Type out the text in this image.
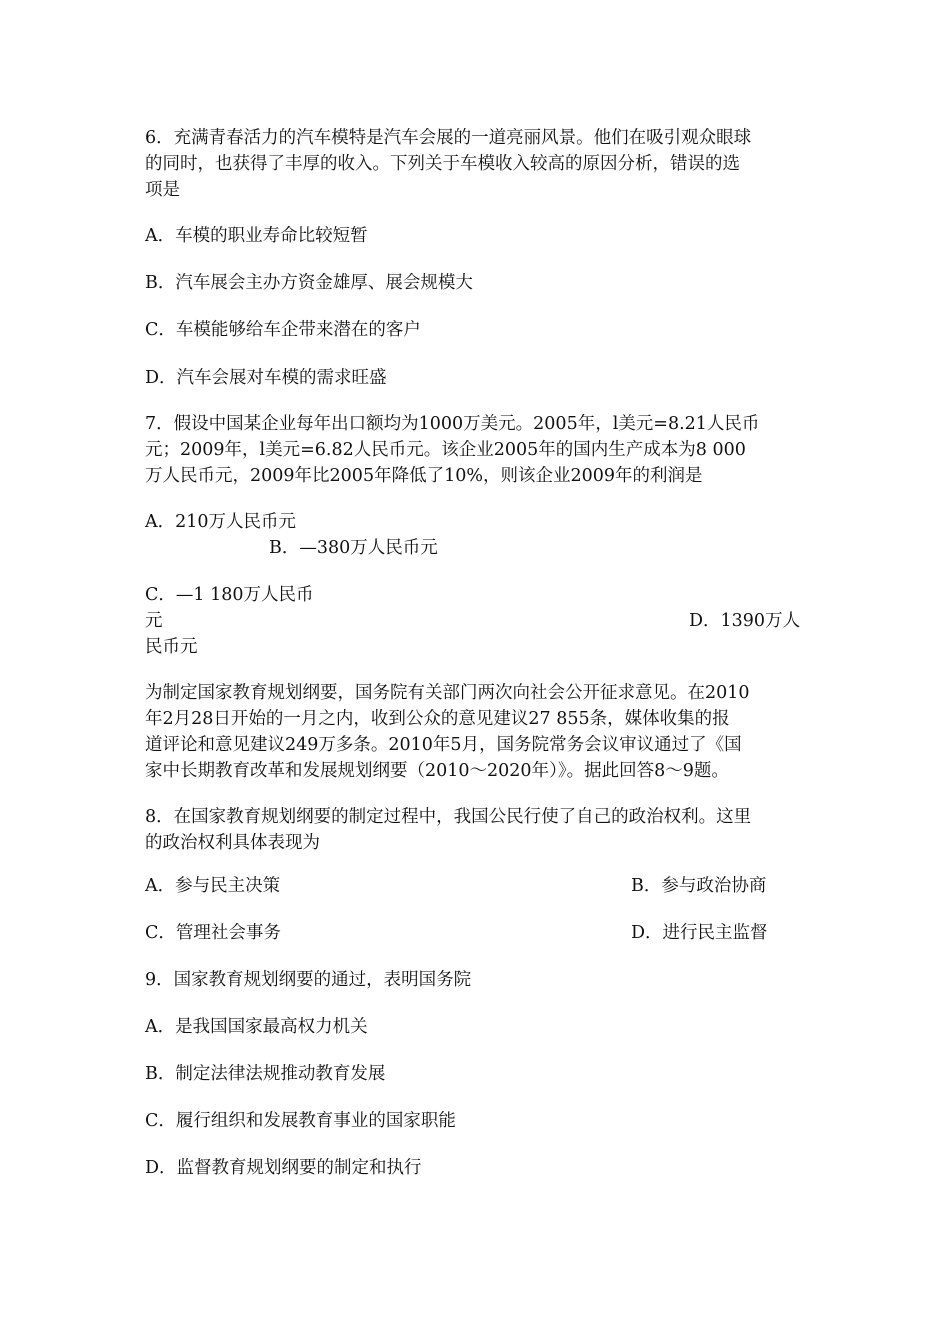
6．充满青春活力的汽车模特是汽车会展的一道亮丽风景。他们在吸引观众眼球
的同时，也获得了丰厚的收入。下列关于车模收入较高的原因分析，错误的选
项是
A．车模的职业寿命比较短暂
B．汽车展会主办方资金雄厚、展会规模大
C．车模能够给车企带来潜在的客户
D．汽车会展对车模的需求旺盛
7．假设中国某企业每年出口额均为1000万美元。2005年，l美元=8.21人民币
元；2009年，l美元=6.82人民币元。该企业2005年的国内生产成本为8 000
万人民币元，2009年比2005年降低了10%，则该企业2009年的利润是
A．210万人民币元
B．—380万人民币元
C．—1 180万人民币
元	D．1390万人
民币元
为制定国家教育规划纲要，国务院有关部门两次向社会公开征求意见。在2010
年2月28日开始的一月之内，收到公众的意见建议27 855条，媒体收集的报
道评论和意见建议249万多条。2010年5月，国务院常务会议审议通过了《国
家中长期教育改革和发展规划纲要（2010～2020年）》。据此回答8～9题。
8．在国家教育规划纲要的制定过程中，我国公民行使了自己的政治权利。这里
的政治权利具体表现为
A．参与民主决策	B．参与政治协商
C．管理社会事务	D．进行民主监督
9．国家教育规划纲要的通过，表明国务院
A．是我国国家最高权力机关
B．制定法律法规推动教育发展
C．履行组织和发展教育事业的国家职能
D．监督教育规划纲要的制定和执行
